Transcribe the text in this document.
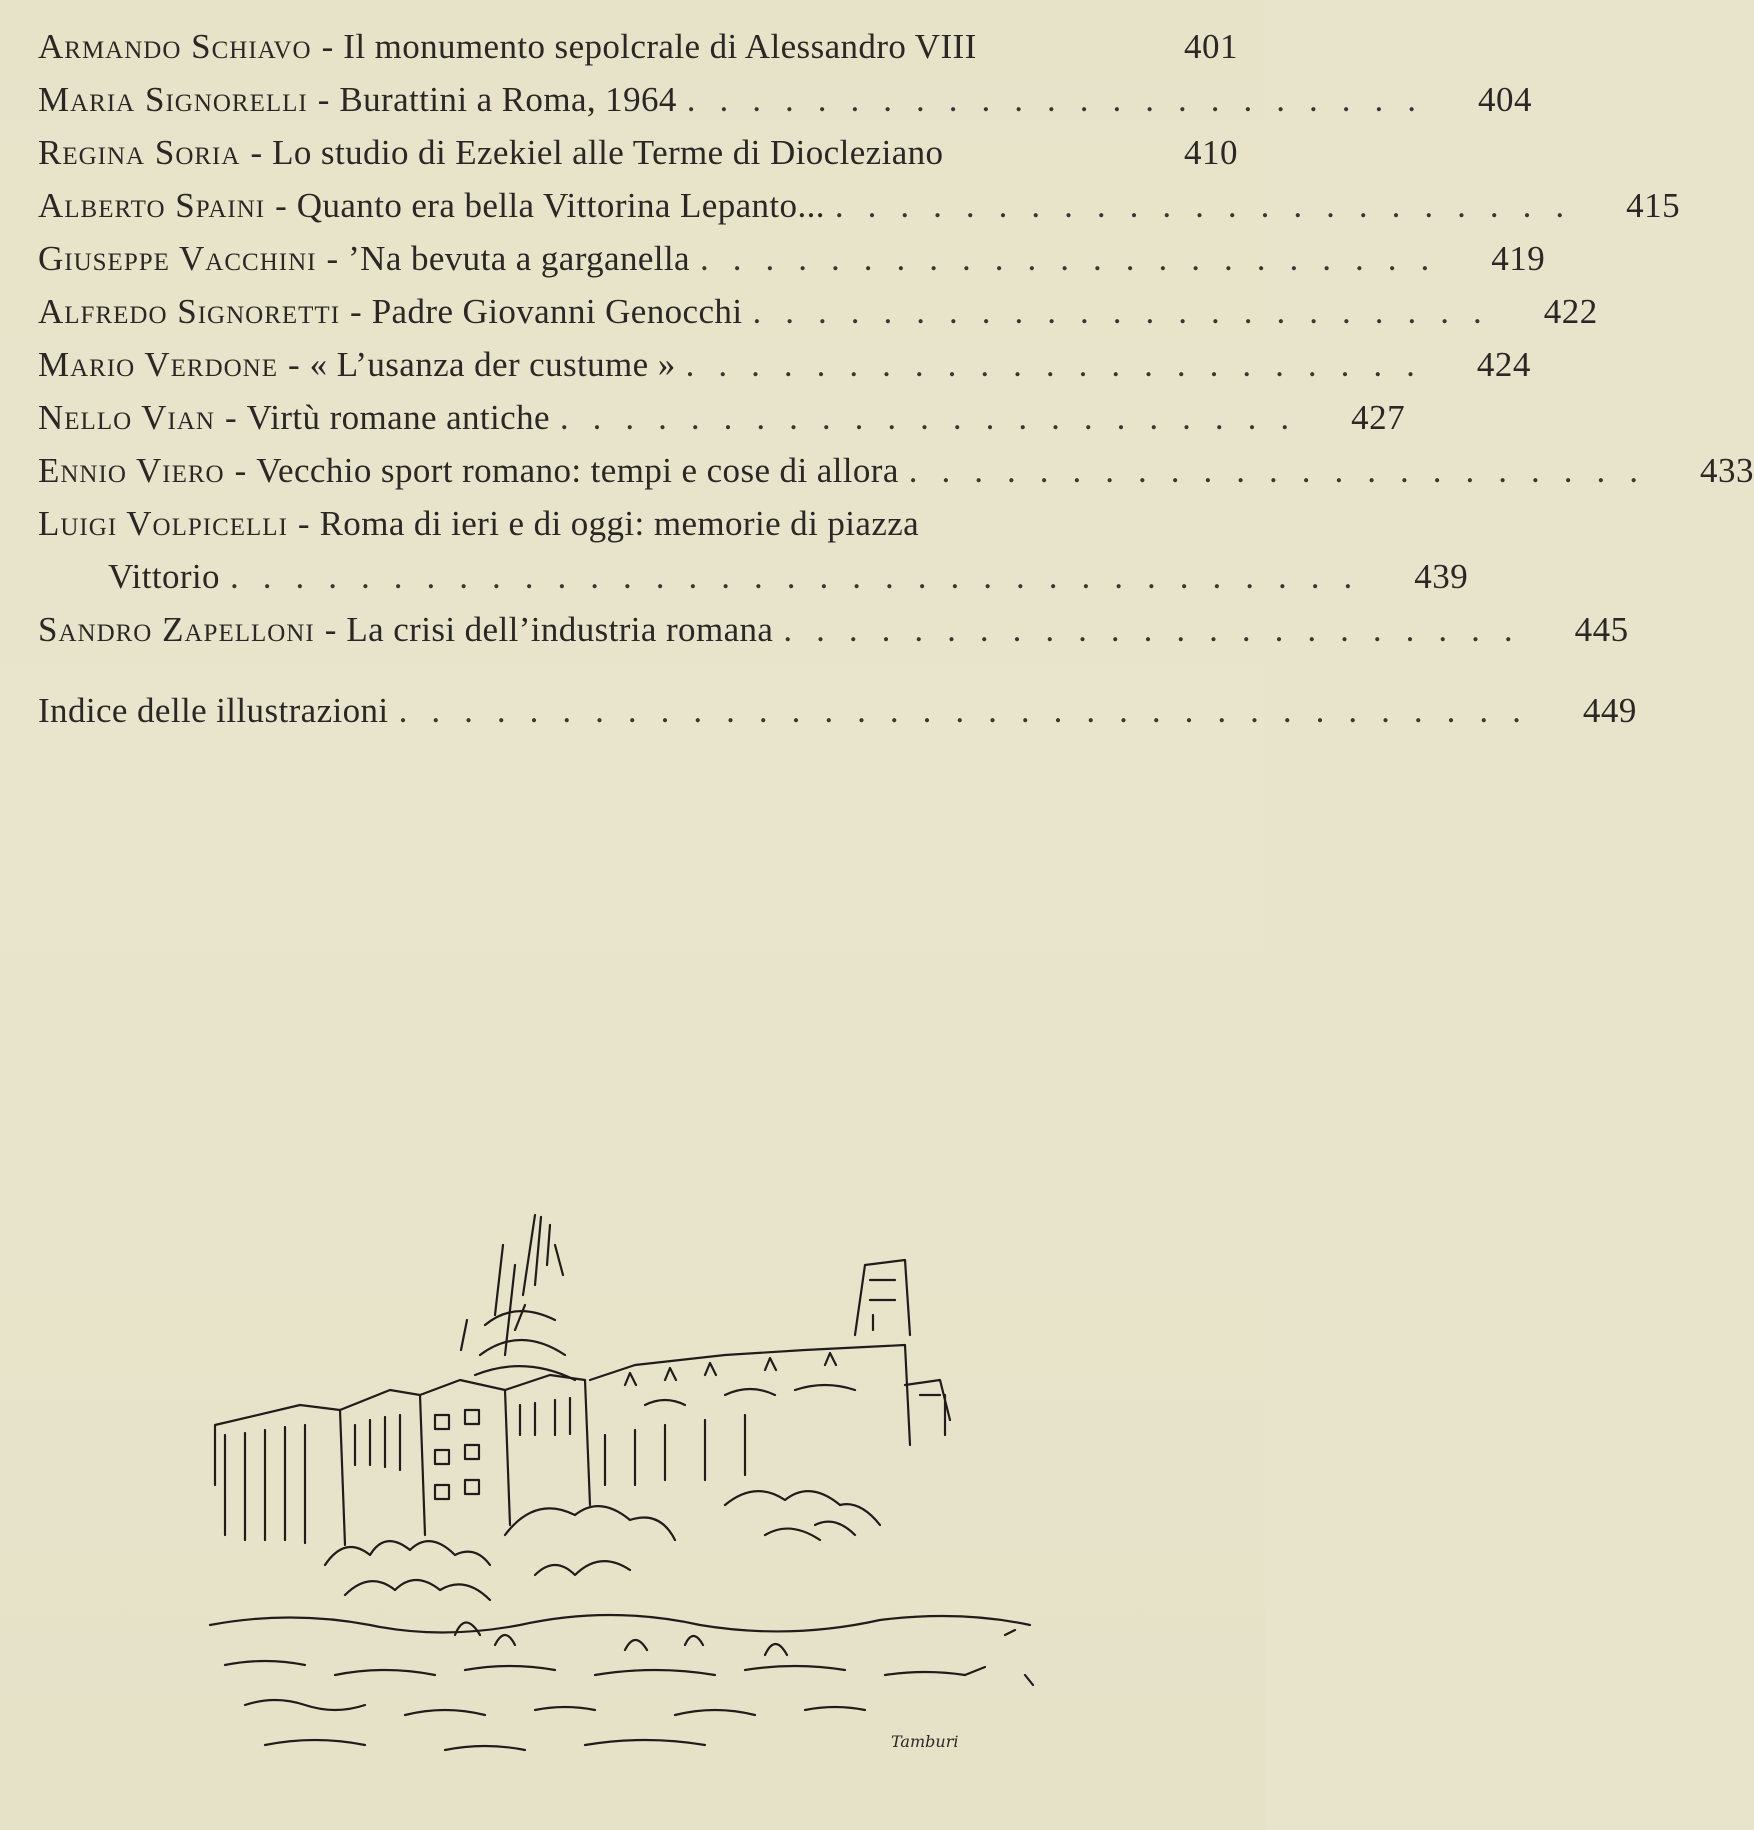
Armando Schiavo - Il monumento sepolcrale di Alessandro VIII	401
Maria Signorelli - Burattini a Roma, 1964 .......................	404
Regina Soria - Lo studio di Ezekiel alle Terme di Diocleziano	410
Alberto Spaini - Quanto era bella Vittorina Lepanto... .......................	415
Giuseppe Vacchini - ’Na bevuta a garganella .......................	419
Alfredo Signoretti - Padre Giovanni Genocchi .......................	422
Mario Verdone - « L’usanza der custume » .......................	424
Nello Vian - Virtù romane antiche .......................	427
Ennio Viero - Vecchio sport romano: tempi e cose di allora .......................	433
Luigi Volpicelli - Roma di ieri e di oggi: memorie di piazza
Vittorio ...................................	439
Sandro Zapelloni - La crisi dell’industria romana .......................	445
Indice delle illustrazioni ...................................	449
Tamburi
